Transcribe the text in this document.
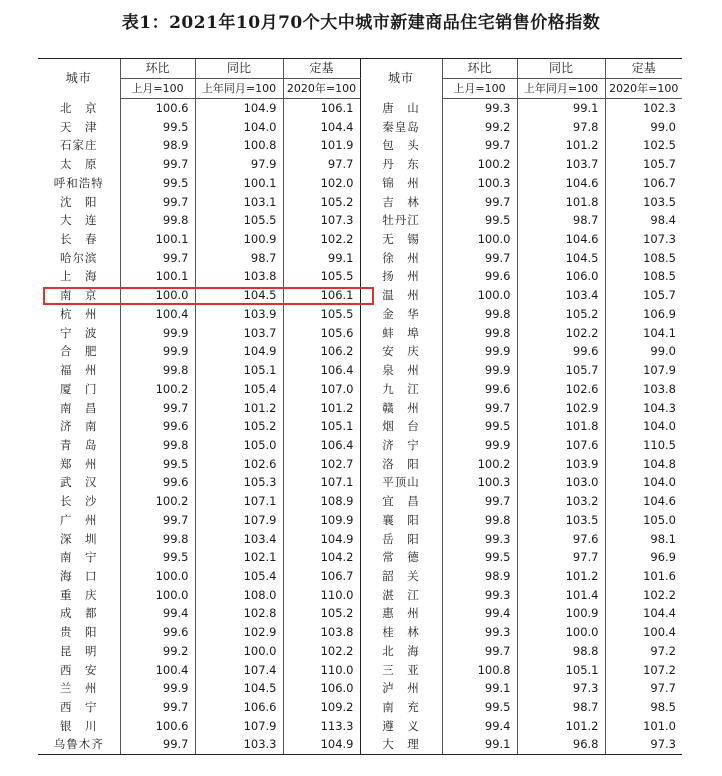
表1：2021年10月70个大中城市新建商品住宅销售价格指数
城市	环比	同比	定基	城市	环比	同比	定基
	上月=100	上年同月=100	2020年=100		上月=100	上年同月=100	2020年=100
北　京	100.6	104.9	106.1	唐　山	99.3	99.1	102.3
天　津	99.5	104.0	104.4	秦皇岛	99.2	97.8	99.0
石家庄	98.9	100.8	101.9	包　头	99.7	101.2	102.5
太　原	99.7	97.9	97.7	丹　东	100.2	103.7	105.7
呼和浩特	99.5	100.1	102.0	锦　州	100.3	104.6	106.7
沈　阳	99.7	103.1	105.2	吉　林	99.7	101.8	103.5
大　连	99.8	105.5	107.3	牡丹江	99.5	98.7	98.4
长　春	100.1	100.9	102.2	无　锡	100.0	104.6	107.3
哈尔滨	99.7	98.7	99.1	徐　州	99.7	104.5	108.5
上　海	100.1	103.8	105.5	扬　州	99.6	106.0	108.5
南　京	100.0	104.5	106.1	温　州	100.0	103.4	105.7
杭　州	100.4	103.9	105.5	金　华	99.8	105.2	106.9
宁　波	99.9	103.7	105.6	蚌　埠	99.8	102.2	104.1
合　肥	99.9	104.9	106.2	安　庆	99.9	99.6	99.0
福　州	99.8	105.1	106.4	泉　州	99.9	105.7	107.9
厦　门	100.2	105.4	107.0	九　江	99.6	102.6	103.8
南　昌	99.7	101.2	101.2	赣　州	99.7	102.9	104.3
济　南	99.6	105.2	105.1	烟　台	99.5	101.8	104.0
青　岛	99.8	105.0	106.4	济　宁	99.9	107.6	110.5
郑　州	99.5	102.6	102.7	洛　阳	100.2	103.9	104.8
武　汉	99.6	105.3	107.1	平顶山	100.3	103.0	104.0
长　沙	100.2	107.1	108.9	宜　昌	99.7	103.2	104.6
广　州	99.7	107.9	109.9	襄　阳	99.8	103.5	105.0
深　圳	99.8	103.4	104.9	岳　阳	99.3	97.6	98.1
南　宁	99.5	102.1	104.2	常　德	99.5	97.7	96.9
海　口	100.0	105.4	106.7	韶　关	98.9	101.2	101.6
重　庆	100.0	108.0	110.0	湛　江	99.3	101.4	102.2
成　都	99.4	102.8	105.2	惠　州	99.4	100.9	104.4
贵　阳	99.6	102.9	103.8	桂　林	99.3	100.0	100.4
昆　明	99.2	100.0	102.2	北　海	99.7	98.8	97.2
西　安	100.4	107.4	110.0	三　亚	100.8	105.1	107.2
兰　州	99.9	104.5	106.0	泸　州	99.1	97.3	97.7
西　宁	99.7	106.6	109.2	南　充	99.5	98.7	98.5
银　川	100.6	107.9	113.3	遵　义	99.4	101.2	101.0
乌鲁木齐	99.7	103.3	104.9	大　理	99.1	96.8	97.3
